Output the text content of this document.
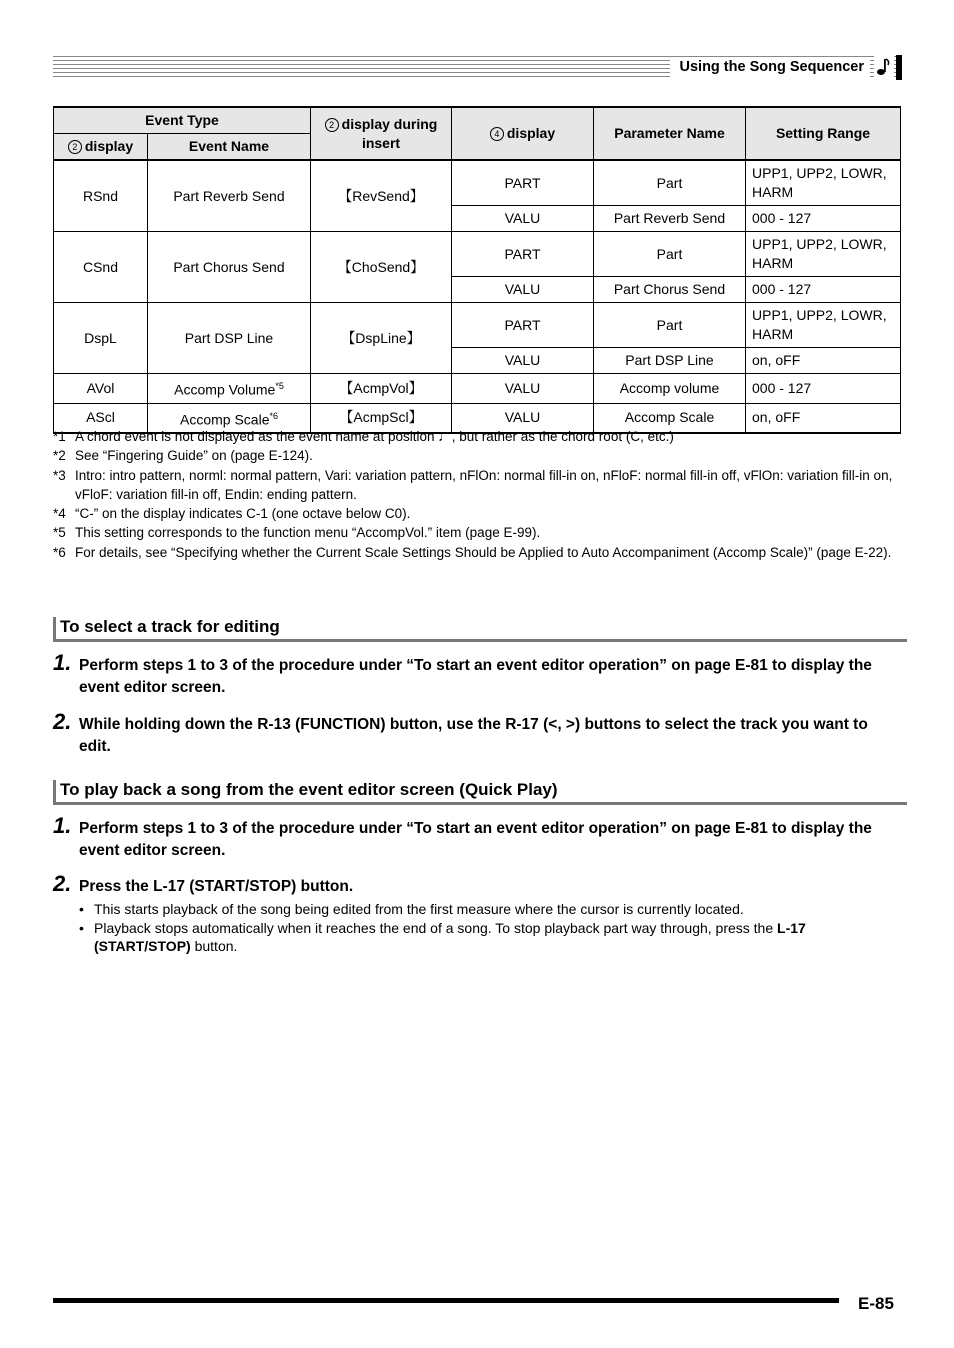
Using the Song Sequencer
Event Type		2 display during insert	4 display	Parameter Name	Setting Range
2 display	Event Name				
RSnd	Part Reverb Send	【RevSend】	PART	Part	UPP1, UPP2, LOWR, HARM
			VALU	Part Reverb Send	000 - 127
CSnd	Part Chorus Send	【ChoSend】	PART	Part	UPP1, UPP2, LOWR, HARM
			VALU	Part Chorus Send	000 - 127
DspL	Part DSP Line	【DspLine】	PART	Part	UPP1, UPP2, LOWR, HARM
			VALU	Part DSP Line	on, oFF
AVol	Accomp Volume$^{*5}$	【AcmpVol】	VALU	Accomp volume	000 - 127
AScl	Accomp Scale$^{*6}$	【AcmpScl】	VALU	Accomp Scale	on, oFF
*1 A chord event is not displayed as the event name at position ♩, but rather as the chord root (C, etc.)
*2 See “Fingering Guide” on (page E-124).
*3 Intro: intro pattern, norml: normal pattern, Vari: variation pattern, nFlOn: normal fill-in on, nFloF: normal fill-in off, vFlOn: variation fill-in on, vFloF: variation fill-in off, Endin: ending pattern.
*4 “C-” on the display indicates C-1 (one octave below C0).
*5 This setting corresponds to the function menu “AccompVol.” item (page E-99).
*6 For details, see “Specifying whether the Current Scale Settings Should be Applied to Auto Accompaniment (Accomp Scale)” (page E-22).
To select a track for editing
1. Perform steps 1 to 3 of the procedure under “To start an event editor operation” on page E-81 to display the event editor screen.
2. While holding down the R-13 (FUNCTION) button, use the R-17 (<, >) buttons to select the track you want to edit.
To play back a song from the event editor screen (Quick Play)
1. Perform steps 1 to 3 of the procedure under “To start an event editor operation” on page E-81 to display the event editor screen.
2. Press the L-17 (START/STOP) button.
• This starts playback of the song being edited from the first measure where the cursor is currently located.
• Playback stops automatically when it reaches the end of a song. To stop playback part way through, press the L-17 (START/STOP) button.
E-85
